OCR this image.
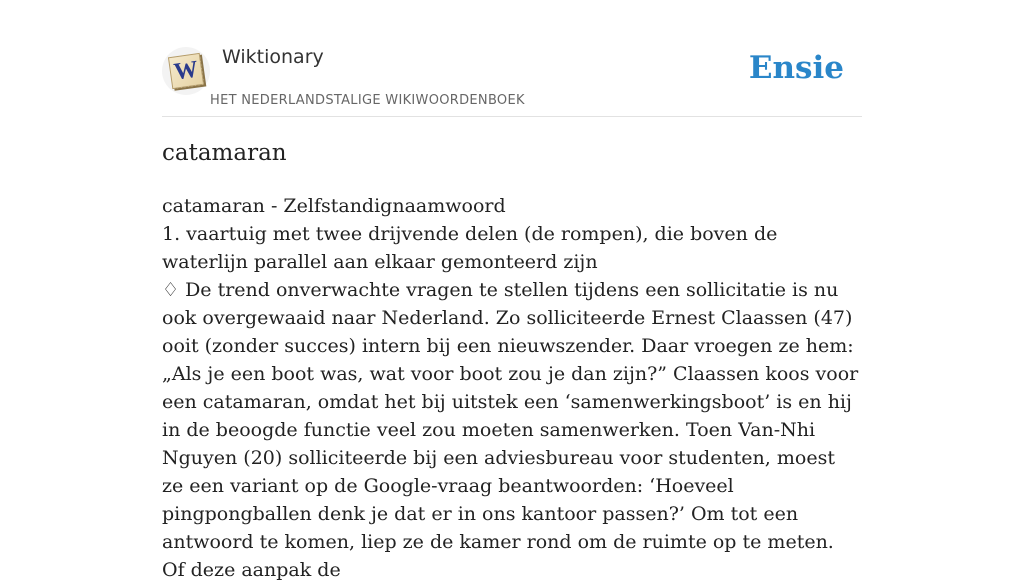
W Wiktionary
HET NEDERLANDSTALIGE WIKIWOORDENBOEK
Ensie
catamaran

catamaran - Zelfstandignaamwoord

1. vaartuig met twee drijvende delen (de rompen), die boven de waterlijn parallel aan elkaar gemonteerd zijn

♢ De trend onverwachte vragen te stellen tijdens een sollicitatie is nu ook overgewaaid naar Nederland. Zo solliciteerde Ernest Claassen (47) ooit (zonder succes) intern bij een nieuwszender. Daar vroegen ze hem: „Als je een boot was, wat voor boot zou je dan zijn?” Claassen koos voor een catamaran, omdat het bij uitstek een ‘samenwerkingsboot’ is en hij in de beoogde functie veel zou moeten samenwerken. Toen Van-Nhi Nguyen (20) solliciteerde bij een adviesbureau voor studenten, moest ze een variant op de Google-vraag beantwoorden: ‘Hoeveel pingpongballen denk je dat er in ons kantoor passen?’ Om tot een antwoord te komen, liep ze de kamer rond om de ruimte op te meten. Of deze aanpak de
